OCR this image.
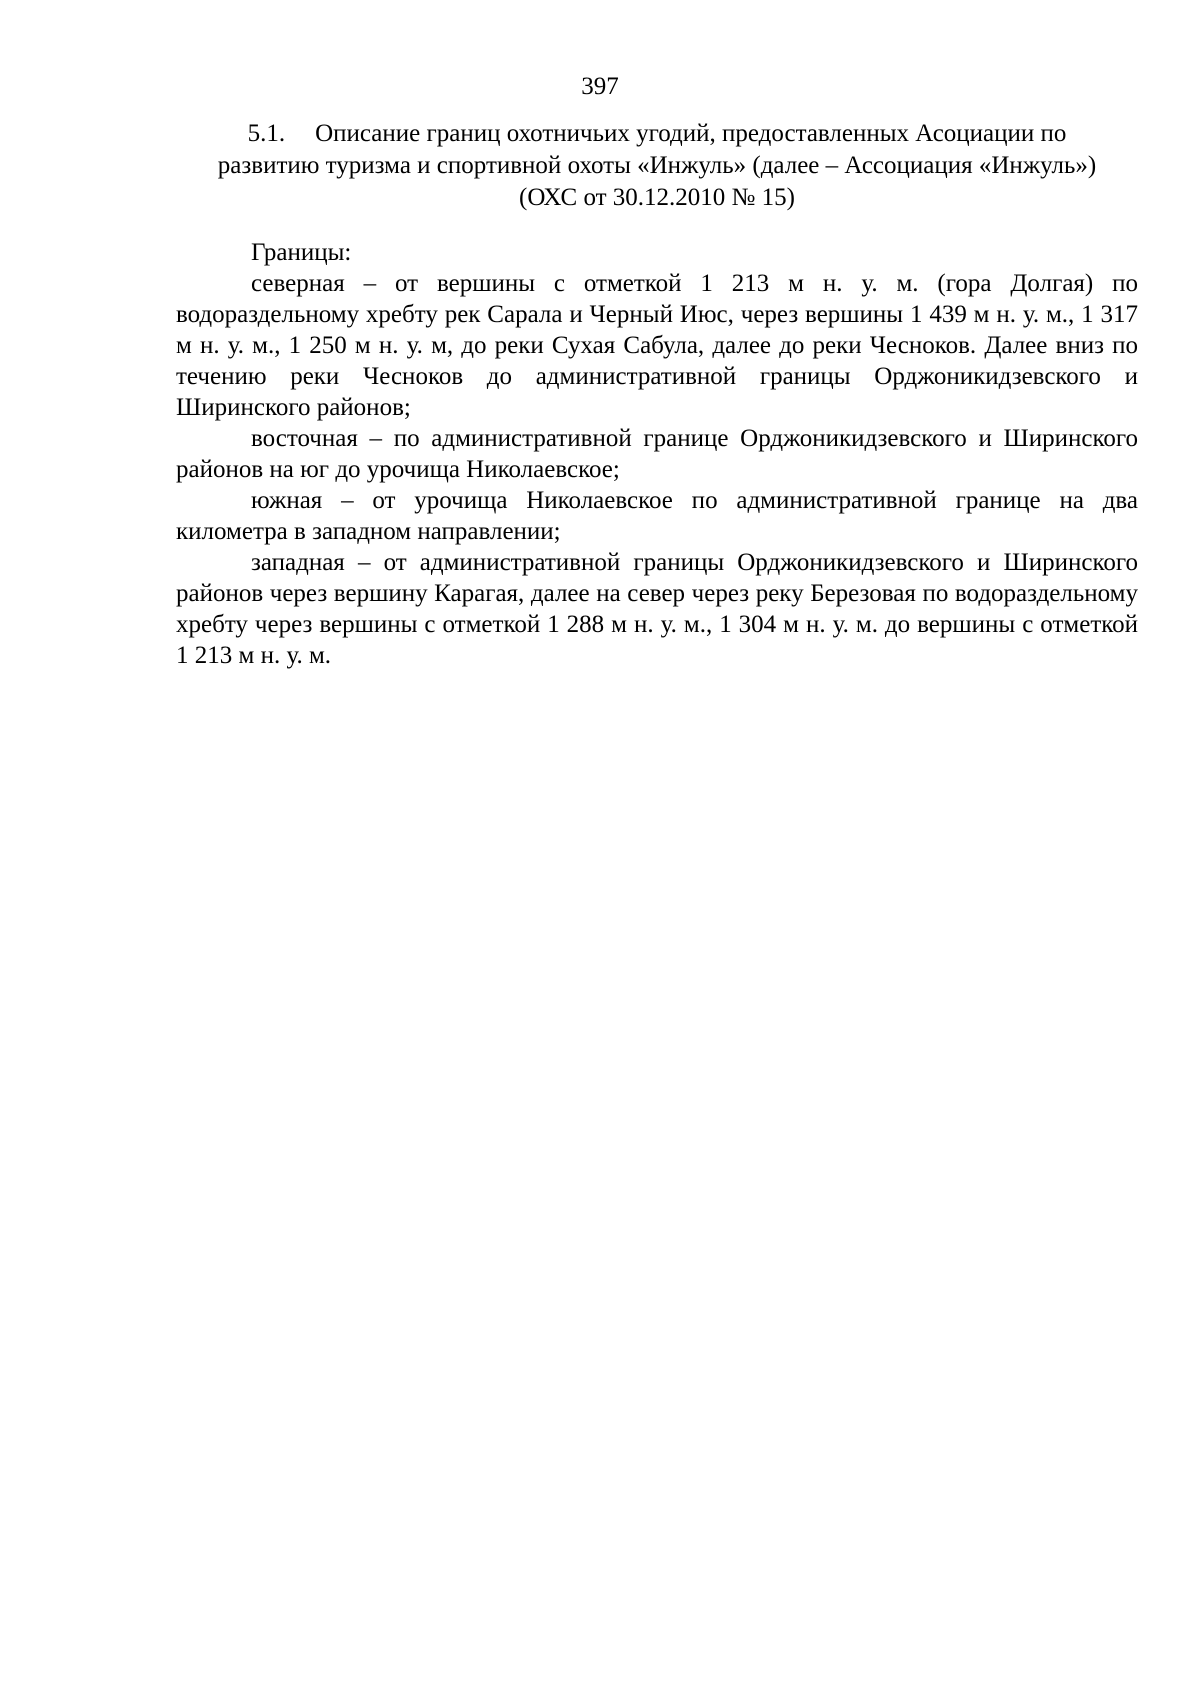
397
5.1. Описание границ охотничьих угодий, предоставленных Асоциации по
развитию туризма и спортивной охоты «Инжуль» (далее – Ассоциация «Инжуль»)
(ОХС от 30.12.2010 № 15)

Границы:

северная – от вершины с отметкой 1 213 м н. у. м. (гора Долгая) по водораздельному хребту рек Сарала и Черный Июс, через вершины 1 439 м н. у. м., 1 317 м н. у. м., 1 250 м н. у. м, до реки Сухая Сабула, далее до реки Чесноков. Далее вниз по течению реки Чесноков до административной границы Орджоникидзевского и Ширинского районов;

восточная – по административной границе Орджоникидзевского и Ширинского районов на юг до урочища Николаевское;

южная – от урочища Николаевское по административной границе на два километра в западном направлении;

западная – от административной границы Орджоникидзевского и Ширинского районов через вершину Карагая, далее на север через реку Березовая по водораздельному хребту через вершины с отметкой 1 288 м н. у. м., 1 304 м н. у. м. до вершины с отметкой 1 213 м н. у. м.
